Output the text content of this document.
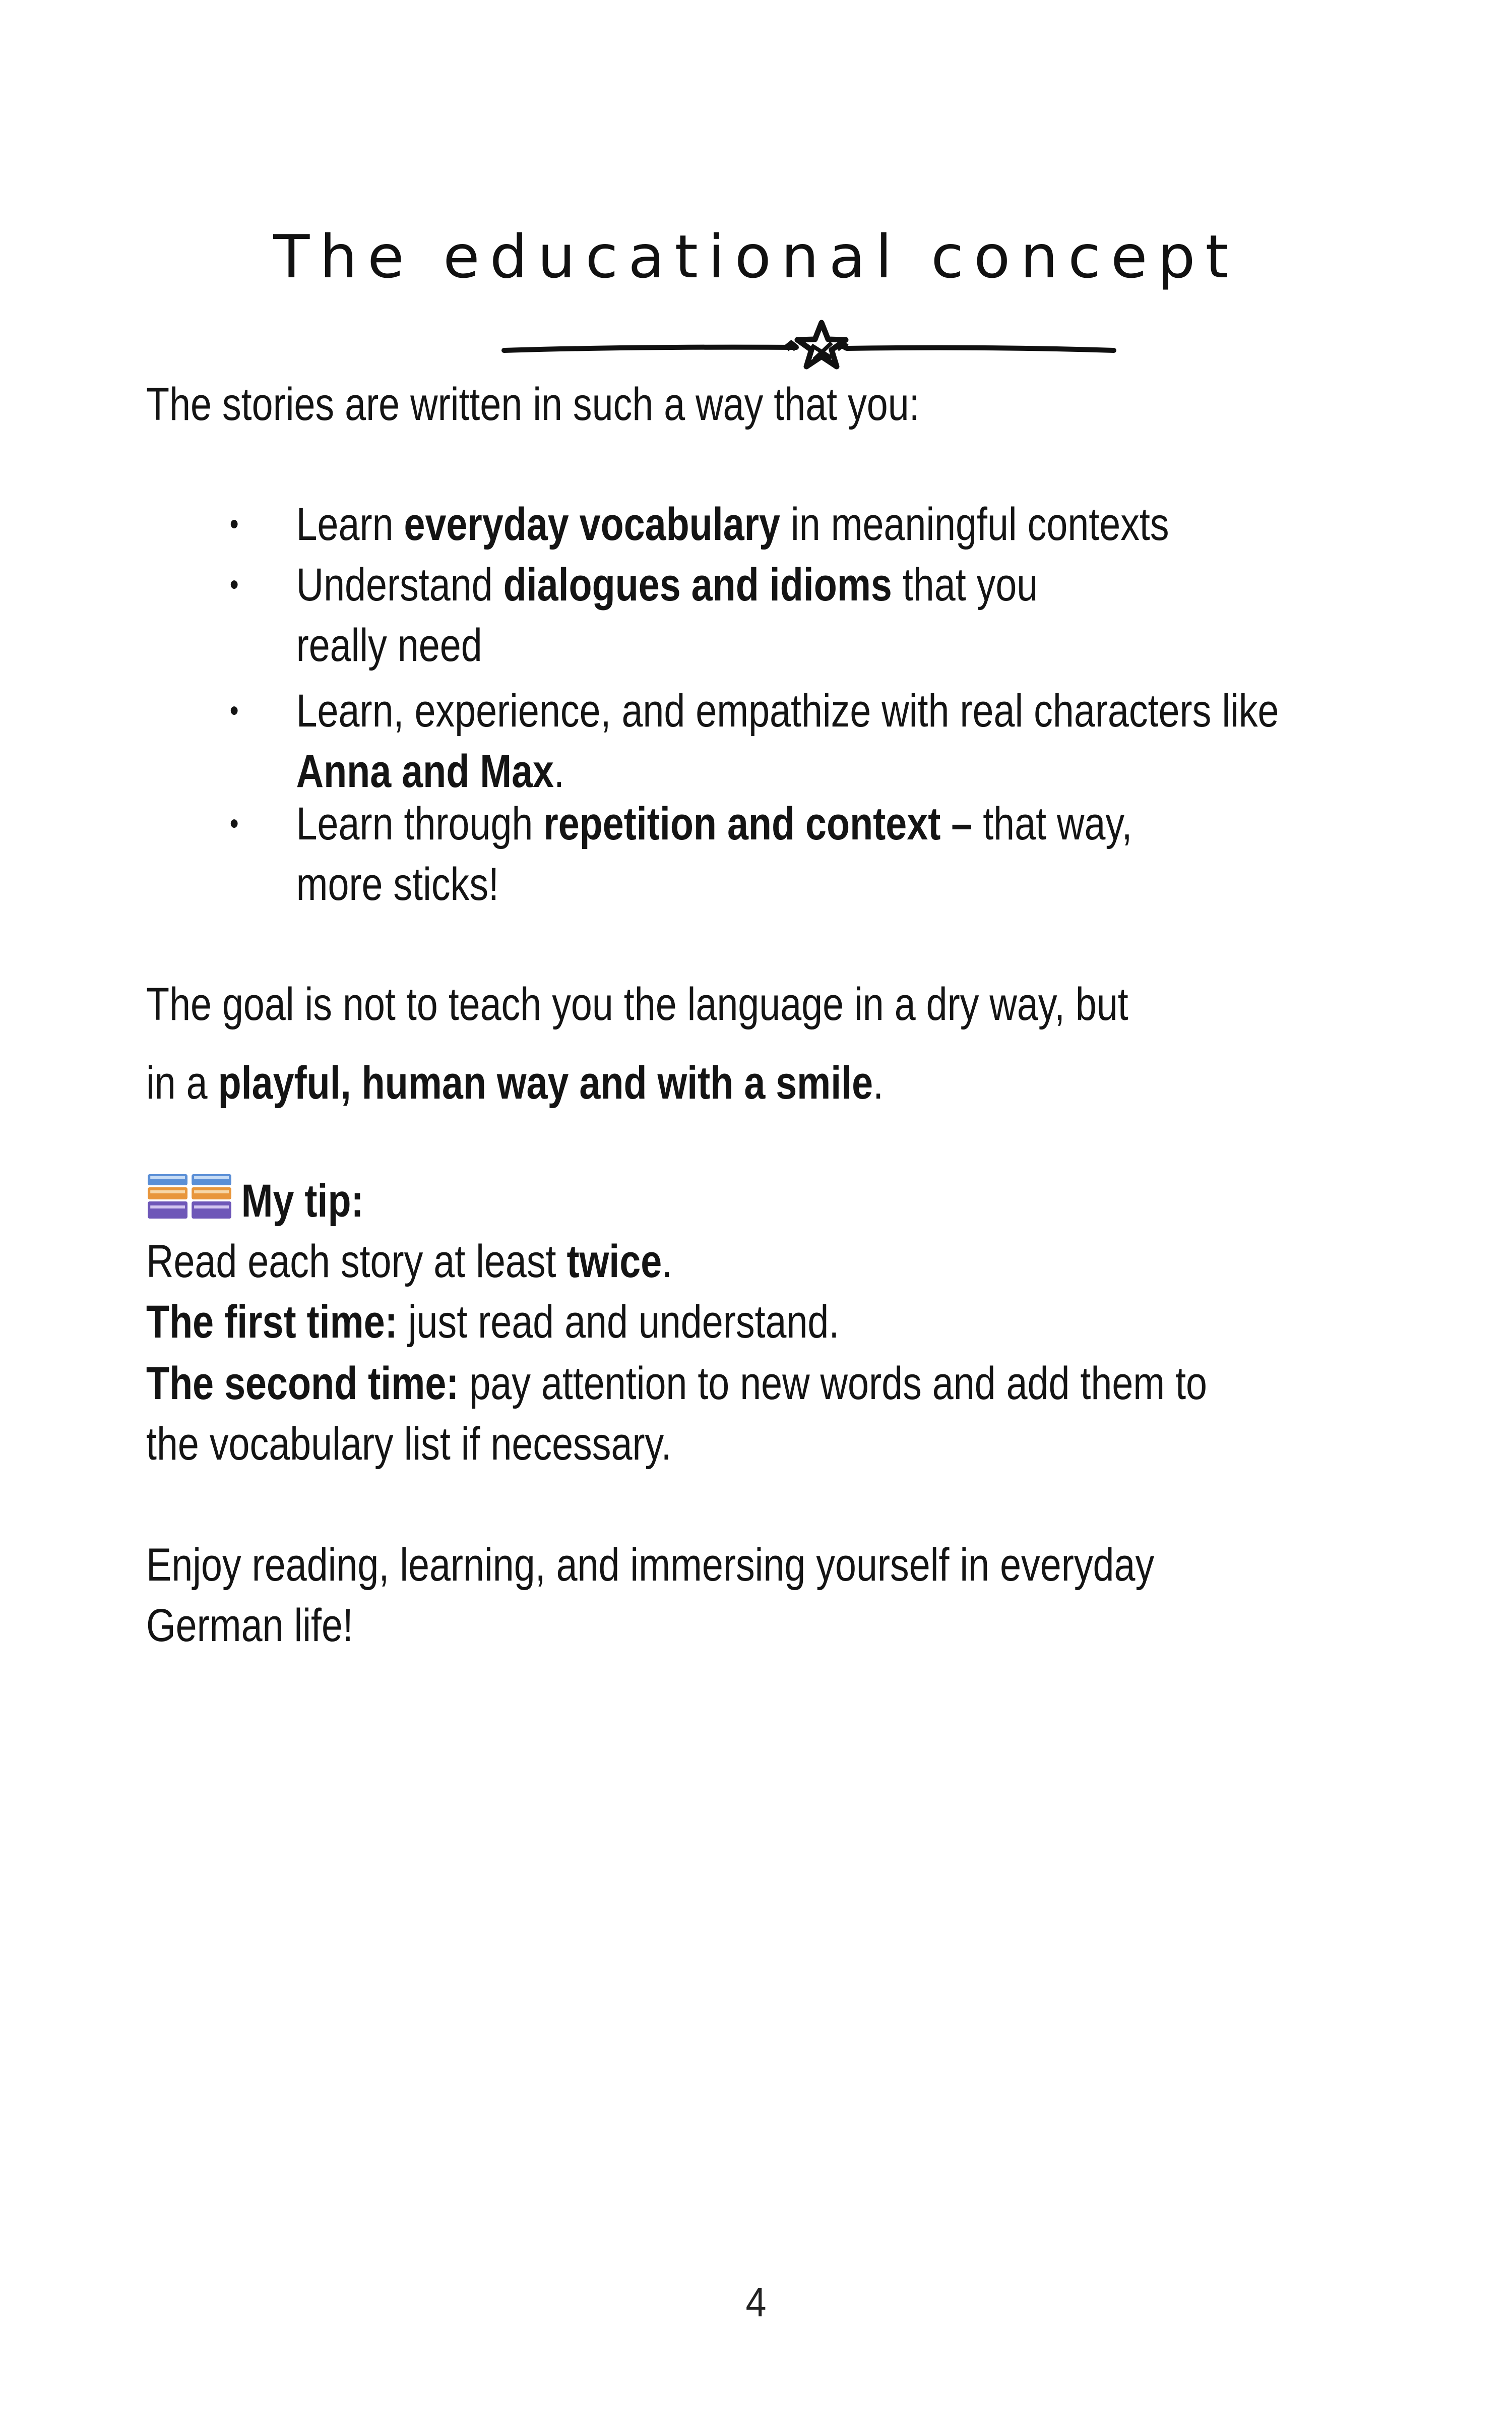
The educational concept
The stories are written in such a way that you:
• Learn everyday vocabulary in meaningful contexts
• Understand dialogues and idioms that you
really need
• Learn, experience, and empathize with real characters like
Anna and Max.
• Learn through repetition and context – that way,
more sticks!
The goal is not to teach you the language in a dry way, but
in a playful, human way and with a smile.
My tip:
Read each story at least twice.
The first time: just read and understand.
The second time: pay attention to new words and add them to
the vocabulary list if necessary.
Enjoy reading, learning, and immersing yourself in everyday
German life!
4
